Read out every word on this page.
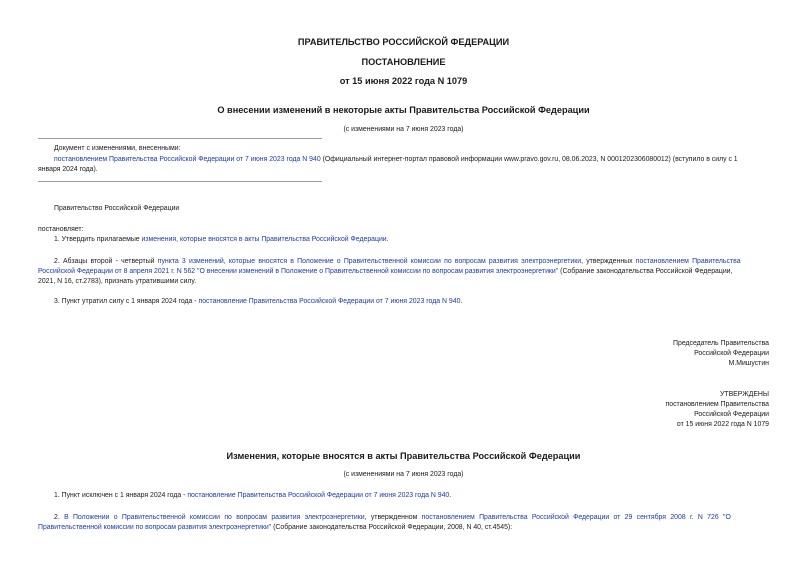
ПРАВИТЕЛЬСТВО РОССИЙСКОЙ ФЕДЕРАЦИИ
ПОСТАНОВЛЕНИЕ
от 15 июня 2022 года N 1079
О внесении изменений в некоторые акты Правительства Российской Федерации
(с изменениями на 7 июня 2023 года)
Документ с изменениями, внесенными:
постановлением Правительства Российской Федерации от 7 июня 2023 года N 940 (Официальный интернет-портал правовой информации www.pravo.gov.ru, 08.06.2023, N 0001202306080012) (вступило в силу с 1
января 2024 года).
Правительство Российской Федерации
постановляет:
1. Утвердить прилагаемые изменения, которые вносятся в акты Правительства Российской Федерации.
2. Абзацы второй - четвертый пункта 3 изменений, которые вносятся в Положение о Правительственной комиссии по вопросам развития электроэнергетики, утвержденных постановлением Правительства
Российской Федерации от 8 апреля 2021 г. N 562 "О внесении изменений в Положение о Правительственной комиссии по вопросам развития электроэнергетики" (Собрание законодательства Российской Федерации,
2021, N 16, ст.2783), признать утратившими силу.
3. Пункт утратил силу с 1 января 2024 года - постановление Правительства Российской Федерации от 7 июня 2023 года N 940.
Председатель Правительства
Российской Федерации
М.Мишустин
УТВЕРЖДЕНЫ
постановлением Правительства
Российской Федерации
от 15 июня 2022 года N 1079
Изменения, которые вносятся в акты Правительства Российской Федерации
(с изменениями на 7 июня 2023 года)
1. Пункт исключен с 1 января 2024 года - постановление Правительства Российской Федерации от 7 июня 2023 года N 940.
2. В Положении о Правительственной комиссии по вопросам развития электроэнергетики, утвержденном постановлением Правительства Российской Федерации от 29 сентября 2008 г. N 726 "О
Правительственной комиссии по вопросам развития электроэнергетики" (Собрание законодательства Российской Федерации, 2008, N 40, ст.4545):
